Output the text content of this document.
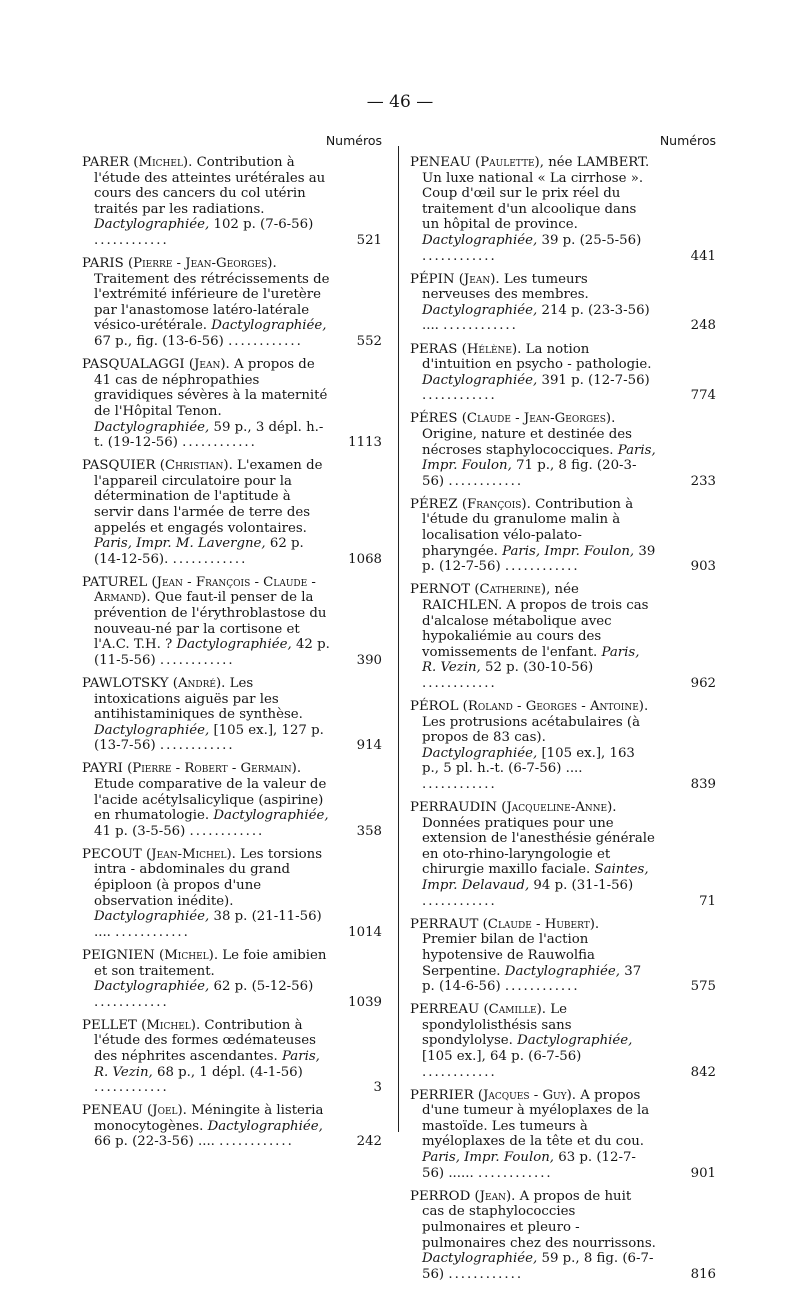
— 46 —
Numéros
PARER (Michel). Contribution à l'étude des atteintes urétérales au cours des cancers du col utérin traités par les radiations. Dactylographiée, 102 p. (7-6-56) ............	521
PARIS (Pierre - Jean-Georges). Traitement des rétrécissements de l'extrémité inférieure de l'uretère par l'anastomose latéro-latérale vésico-urétérale. Dactylographiée, 67 p., fig. (13-6-56) ............	552
PASQUALAGGI (Jean). A propos de 41 cas de néphropathies gravidiques sévères à la maternité de l'Hôpital Tenon. Dactylographiée, 59 p., 3 dépl. h.-t. (19-12-56) ............	1113
PASQUIER (Christian). L'examen de l'appareil circulatoire pour la détermination de l'aptitude à servir dans l'armée de terre des appelés et engagés volontaires. Paris, Impr. M. Lavergne, 62 p. (14-12-56). ............	1068
PATUREL (Jean - François - Claude - Armand). Que faut-il penser de la prévention de l'érythroblastose du nouveau-né par la cortisone et l'A.C. T.H. ? Dactylographiée, 42 p. (11-5-56) ............	390
PAWLOTSKY (André). Les intoxications aiguës par les antihistaminiques de synthèse. Dactylographiée, [105 ex.], 127 p. (13-7-56) ............	914
PAYRI (Pierre - Robert - Germain). Etude comparative de la valeur de l'acide acétylsalicylique (aspirine) en rhumatologie. Dactylographiée, 41 p. (3-5-56) ............	358
PECOUT (Jean-Michel). Les torsions intra - abdominales du grand épiploon (à propos d'une observation inédite). Dactylographiée, 38 p. (21-11-56) .... ............	1014
PEIGNIEN (Michel). Le foie amibien et son traitement. Dactylographiée, 62 p. (5-12-56) ............	1039
PELLET (Michel). Contribution à l'étude des formes œdémateuses des néphrites ascendantes. Paris, R. Vezin, 68 p., 1 dépl. (4-1-56) ............	3
PENEAU (Joel). Méningite à listeria monocytogènes. Dactylographiée, 66 p. (22-3-56) .... ............	242
Numéros
PENEAU (Paulette), née LAMBERT. Un luxe national « La cirrhose ». Coup d'œil sur le prix réel du traitement d'un alcoolique dans un hôpital de province. Dactylographiée, 39 p. (25-5-56) ............	441
PÉPIN (Jean). Les tumeurs nerveuses des membres. Dactylographiée, 214 p. (23-3-56) .... ............	248
PERAS (Hélène). La notion d'intuition en psycho - pathologie. Dactylographiée, 391 p. (12-7-56) ............	774
PÉRES (Claude - Jean-Georges). Origine, nature et destinée des nécroses staphylococciques. Paris, Impr. Foulon, 71 p., 8 fig. (20-3-56) ............	233
PÉREZ (François). Contribution à l'étude du granulome malin à localisation vélo-palato-pharyngée. Paris, Impr. Foulon, 39 p. (12-7-56) ............	903
PERNOT (Catherine), née RAICHLEN. A propos de trois cas d'alcalose métabolique avec hypokaliémie au cours des vomissements de l'enfant. Paris, R. Vezin, 52 p. (30-10-56) ............	962
PÉROL (Roland - Georges - Antoine). Les protrusions acétabulaires (à propos de 83 cas). Dactylographiée, [105 ex.], 163 p., 5 pl. h.-t. (6-7-56) .... ............	839
PERRAUDIN (Jacqueline-Anne). Données pratiques pour une extension de l'anesthésie générale en oto-rhino-laryngologie et chirurgie maxillo faciale. Saintes, Impr. Delavaud, 94 p. (31-1-56) ............	71
PERRAUT (Claude - Hubert). Premier bilan de l'action hypotensive de Rauwolfia Serpentine. Dactylographiée, 37 p. (14-6-56) ............	575
PERREAU (Camille). Le spondylolisthésis sans spondylolyse. Dactylographiée, [105 ex.], 64 p. (6-7-56) ............	842
PERRIER (Jacques - Guy). A propos d'une tumeur à myéloplaxes de la mastoïde. Les tumeurs à myéloplaxes de la tête et du cou. Paris, Impr. Foulon, 63 p. (12-7-56) ...... ............	901
PERROD (Jean). A propos de huit cas de staphylococcies pulmonaires et pleuro - pulmonaires chez des nourrissons. Dactylographiée, 59 p., 8 fig. (6-7-56) ............	816
